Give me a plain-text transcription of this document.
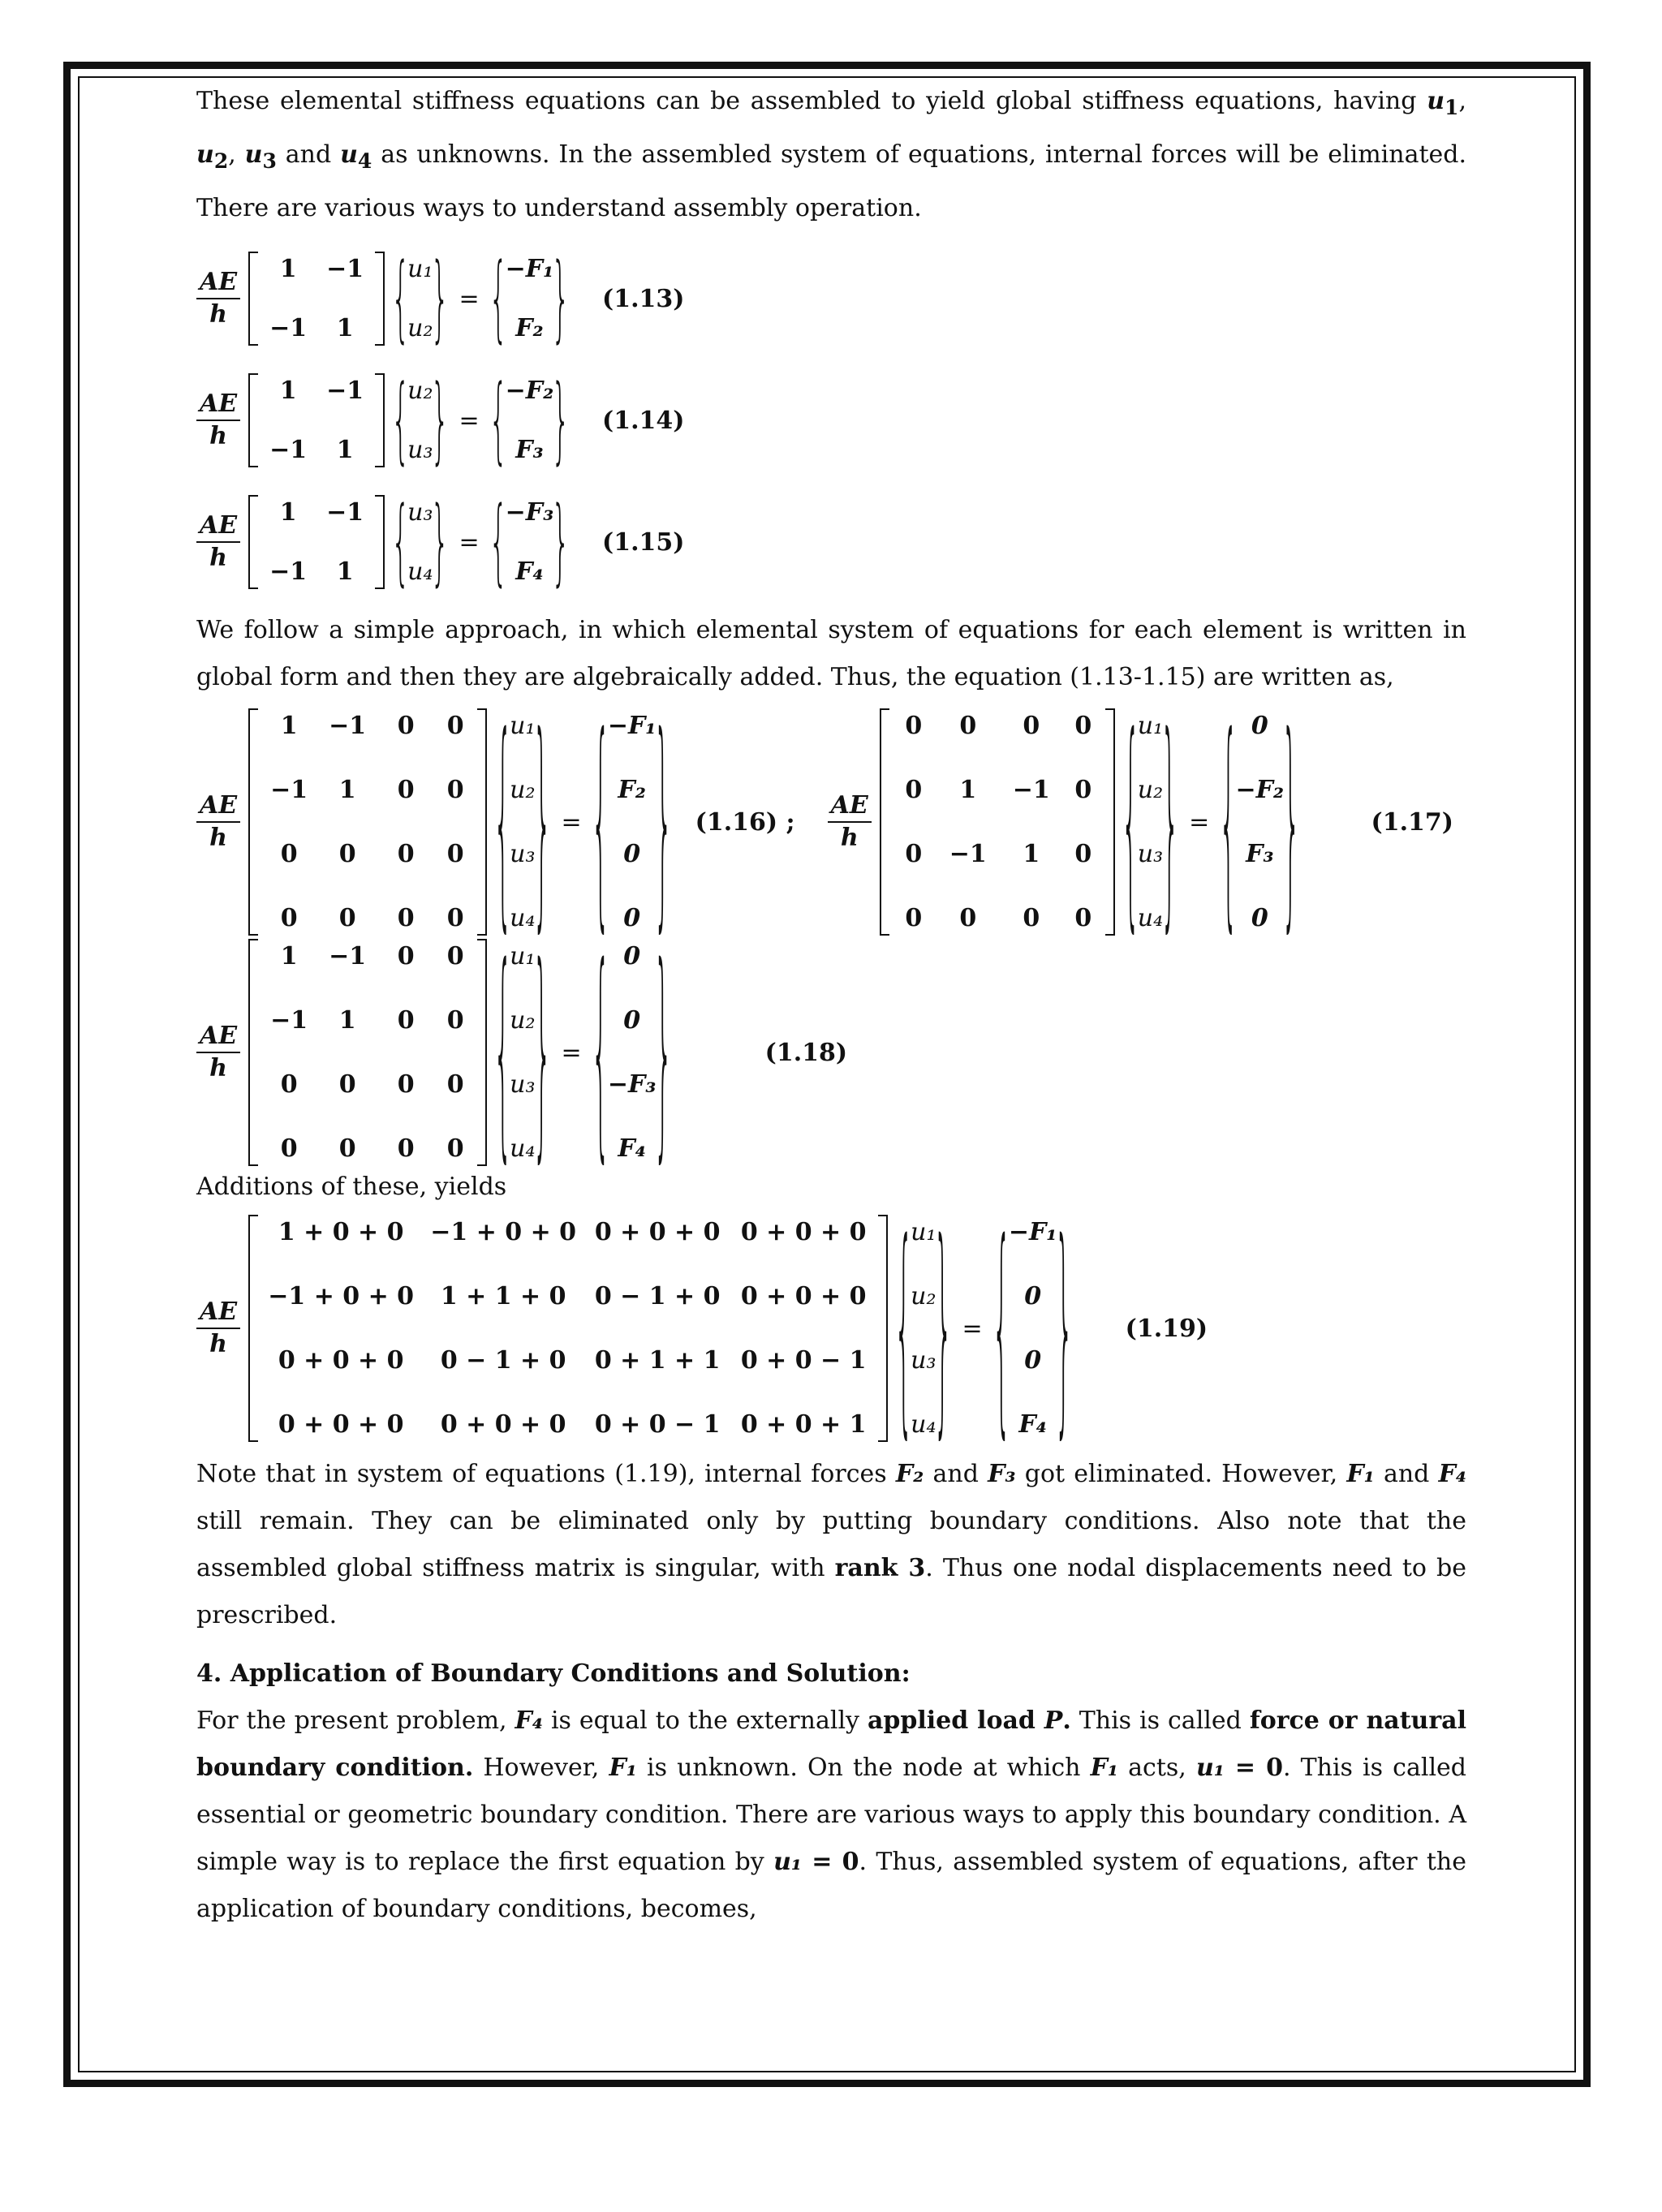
These elemental stiffness equations can be assembled to yield global stiffness equations, having $u_1$, $u_2$, $u_3$ and $u_4$ as unknowns. In the assembled system of equations, internal forces will be eliminated. There are various ways to understand assembly operation.

$\frac{AE}{h}$	1	−1
−1	1
{ u₁
u₂
}
=
{ −F₁
F₂
}
(1.13)
$\frac{AE}{h}$	1	−1
−1	1
{ u₂
u₃
}
=
{ −F₂
F₃
}
(1.14)
$\frac{AE}{h}$	1	−1
−1	1
{ u₃
u₄
}
=
{ −F₃
F₄
}
(1.15)

We follow a simple approach, in which elemental system of equations for each element is written in global form and then they are algebraically added. Thus, the equation (1.13-1.15) are written as,

$\frac{AE}{h}$
1	−1	0	0
−1	1	0	0
0	0	0	0
0	0	0	0
{ u₁
u₂
u₃
u₄
}
=
{ −F₁
F₂
0
0
}
(1.16) ; $\frac{AE}{h}$
0	0	0	0
0	1	−1	0
0	−1	1	0
0	0	0	0
{ u₁
u₂
u₃
u₄
}
=
{ 0
−F₂
F₃
0
}
(1.17)
$\frac{AE}{h}$
1	−1	0	0
−1	1	0	0
0	0	0	0
0	0	0	0
{ u₁
u₂
u₃
u₄
}
=
{ 0
0
−F₃
F₄
}
(1.18)

Additions of these, yields

$\frac{AE}{h}$
1 + 0 + 0	−1 + 0 + 0 0 + 0 + 0 0 + 0 + 0
−1 + 0 + 0	1 + 1 + 0	0 − 1 + 0 0 + 0 + 0
0 + 0 + 0	0 − 1 + 0	0 + 1 + 1 0 + 0 − 1
0 + 0 + 0	0 + 0 + 0	0 + 0 − 1 0 + 0 + 1
{ u₁
u₂
u₃
u₄
}
=
{ −F₁
0
0
F₄
}
(1.19)

Note that in system of equations (1.19), internal forces F₂ and F₃ got eliminated. However, F₁ and F₄ still remain. They can be eliminated only by putting boundary conditions. Also note that the assembled global stiffness matrix is singular, with rank 3. Thus one nodal displacements need to be prescribed.

4. Application of Boundary Conditions and Solution:

For the present problem, F₄ is equal to the externally applied load P. This is called force or natural boundary condition. However, F₁ is unknown. On the node at which F₁ acts, u₁ = 0. This is called essential or geometric boundary condition. There are various ways to apply this boundary condition. A simple way is to replace the first equation by u₁ = 0. Thus, assembled system of equations, after the application of boundary conditions, becomes,
